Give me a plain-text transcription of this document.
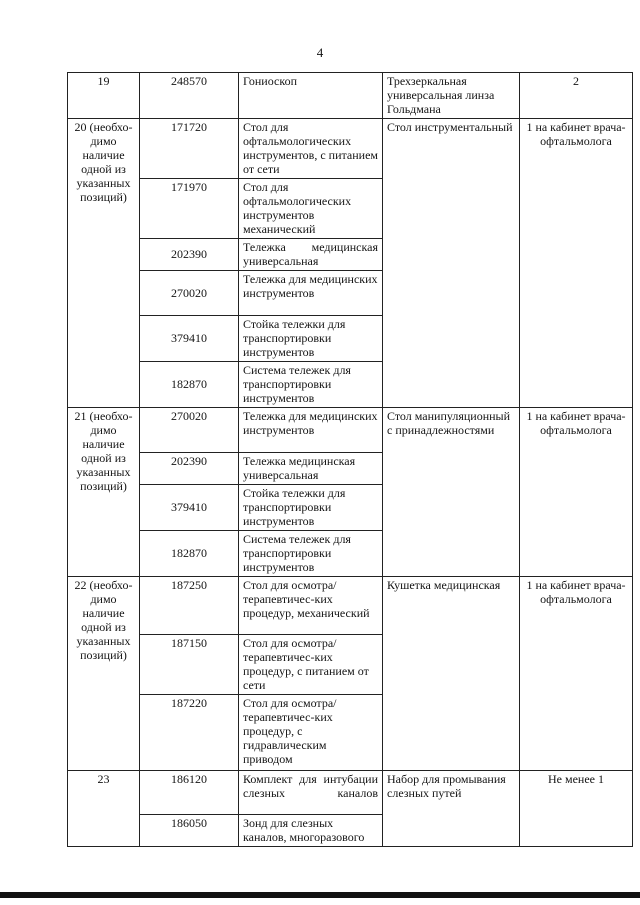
4
19	248570	Гониоскоп	Трехзеркальная универсальная линза Гольдмана	2
20 (необхо-димо наличие одной из указанных позиций)	171720	Стол для офтальмологических инструментов, с питанием от сети	Стол инструментальный	1 на кабинет врача-офтальмолога
	171970	Стол для офтальмологических инструментов механический		
	202390	Тележка медицинская универсальная		
	270020	Тележка для медицинских инструментов		
	379410	Стойка тележки для транспортировки инструментов		
	182870	Система тележек для транспортировки инструментов		
21 (необхо-димо наличие одной из указанных позиций)	270020	Тележка для медицинских инструментов	Стол манипуляционный с принадлежностями	1 на кабинет врача-офтальмолога
	202390	Тележка медицинская универсальная		
	379410	Стойка тележки для транспортировки инструментов		
	182870	Система тележек для транспортировки инструментов		
22 (необхо-димо наличие одной из указанных позиций)	187250	Стол для осмотра/терапевтичес-ких процедур, механический	Кушетка медицинская	1 на кабинет врача-офтальмолога
	187150	Стол для осмотра/терапевтичес-ких процедур, с питанием от сети		
	187220	Стол для осмотра/терапевтичес-ких процедур, с гидравлическим приводом		
23	186120	Комплект для интубации слезных каналов	Набор для промывания слезных путей	Не менее 1
	186050	Зонд для слезных каналов, многоразового		
